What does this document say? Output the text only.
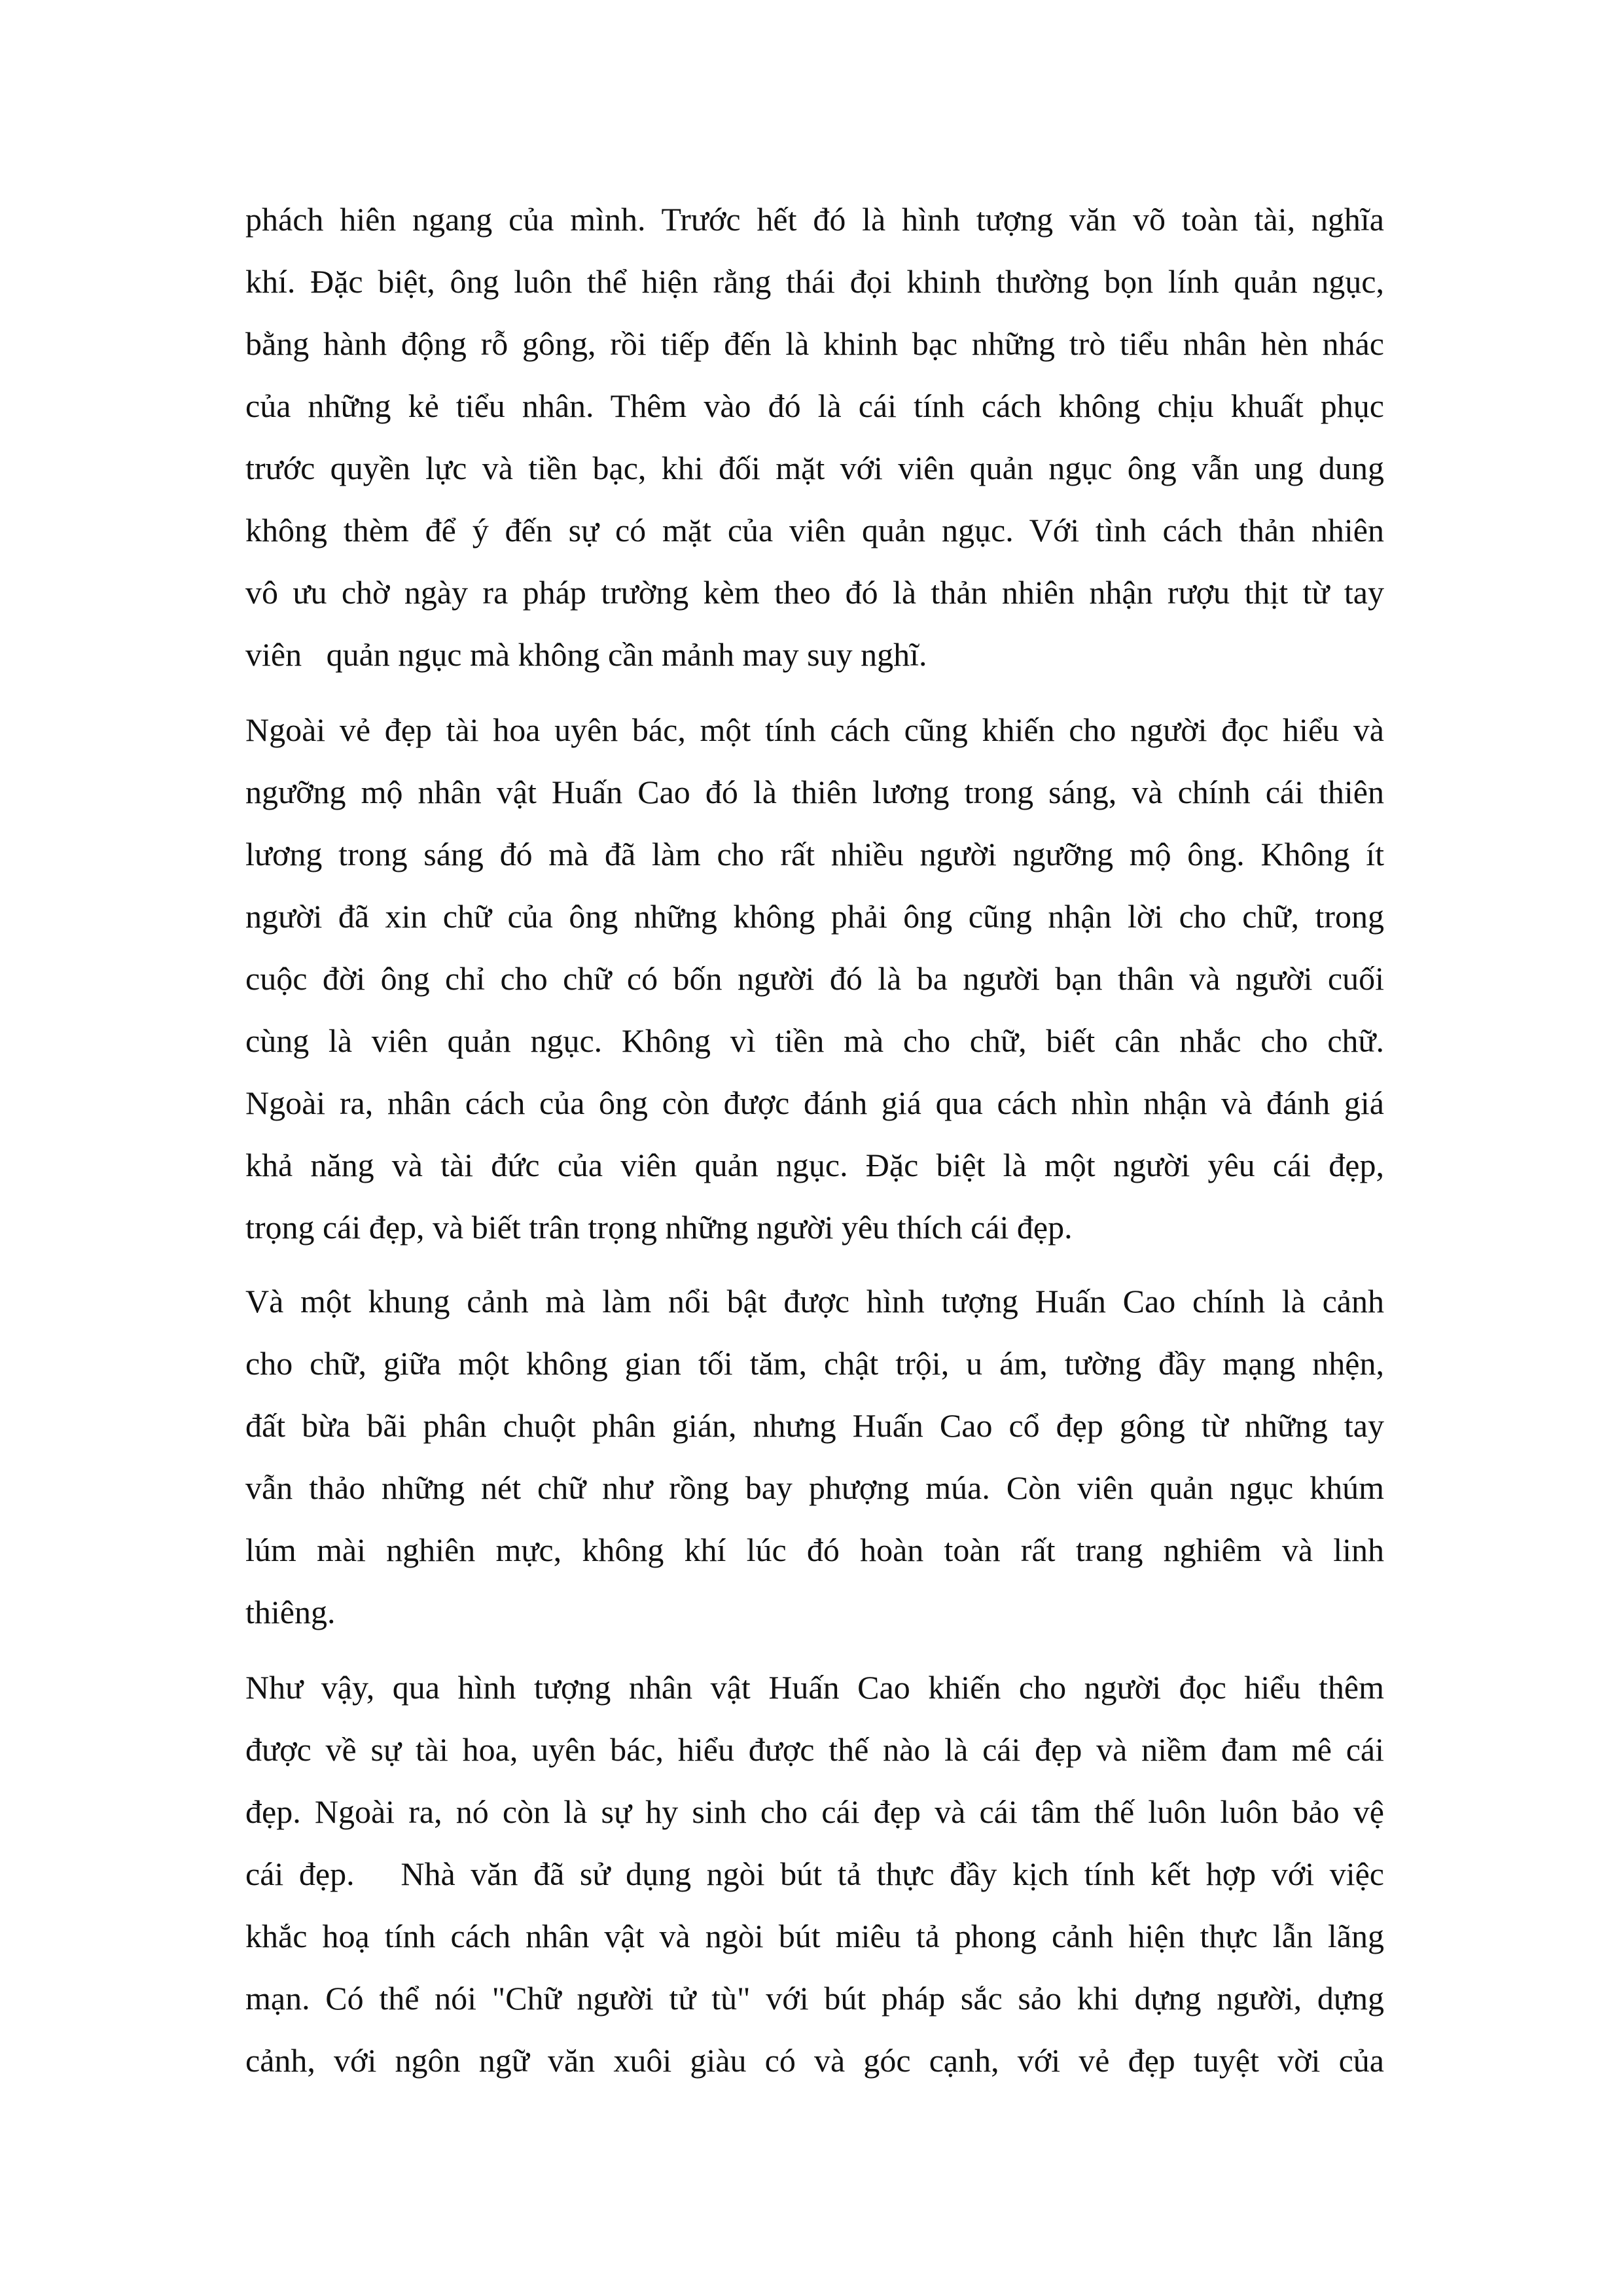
phách hiên ngang của mình. Trước hết đó là hình tượng văn võ toàn tài, nghĩa
khí. Đặc biệt, ông luôn thể hiện rằng thái đọi khinh thường bọn lính quản ngục,
bằng hành động rỗ gông, rồi tiếp đến là khinh bạc những trò tiểu nhân hèn nhác
của những kẻ tiểu nhân. Thêm vào đó là cái tính cách không chịu khuất phục
trước quyền lực và tiền bạc, khi đối mặt với viên quản ngục ông vẫn ung dung
không thèm để ý đến sự có mặt của viên quản ngục. Với tình cách thản nhiên
vô ưu chờ ngày ra pháp trường kèm theo đó là thản nhiên nhận rượu thịt từ tay
viên   quản ngục mà không cần mảnh may suy nghĩ.
Ngoài vẻ đẹp tài hoa uyên bác, một tính cách cũng khiến cho người đọc hiểu và
ngưỡng mộ nhân vật Huấn Cao đó là thiên lương trong sáng, và chính cái thiên
lương trong sáng đó mà đã làm cho rất nhiều người ngưỡng mộ ông. Không ít
người đã xin chữ của ông những không phải ông cũng nhận lời cho chữ, trong
cuộc đời ông chỉ cho chữ có bốn người đó là ba người bạn thân và người cuối
cùng là viên quản ngục. Không vì tiền mà cho chữ, biết cân nhắc cho chữ.
Ngoài ra, nhân cách của ông còn được đánh giá qua cách nhìn nhận và đánh giá
khả năng và tài đức của viên quản ngục. Đặc biệt là một người yêu cái đẹp,
trọng cái đẹp, và biết trân trọng những người yêu thích cái đẹp.
Và một khung cảnh mà làm nổi bật được hình tượng Huấn Cao chính là cảnh
cho chữ, giữa một không gian tối tăm, chật trội, u ám, tường đầy mạng nhện,
đất bừa bãi phân chuột phân gián, nhưng Huấn Cao cổ đẹp gông từ những tay
vẫn thảo những nét chữ như rồng bay phượng múa. Còn viên quản ngục khúm
lúm mài nghiên mực, không khí lúc đó hoàn toàn rất trang nghiêm và linh
thiêng.
Như vậy, qua hình tượng nhân vật Huấn Cao khiến cho người đọc hiểu thêm
được về sự tài hoa, uyên bác, hiểu được thế nào là cái đẹp và niềm đam mê cái
đẹp. Ngoài ra, nó còn là sự hy sinh cho cái đẹp và cái tâm thế luôn luôn bảo vệ
cái đẹp.   Nhà văn đã sử dụng ngòi bút tả thực đầy kịch tính kết hợp với việc
khắc hoạ tính cách nhân vật và ngòi bút miêu tả phong cảnh hiện thực lẫn lãng
mạn. Có thể nói "Chữ người tử tù" với bút pháp sắc sảo khi dựng người, dựng
cảnh, với ngôn ngữ văn xuôi giàu có và góc cạnh, với vẻ đẹp tuyệt vời của
